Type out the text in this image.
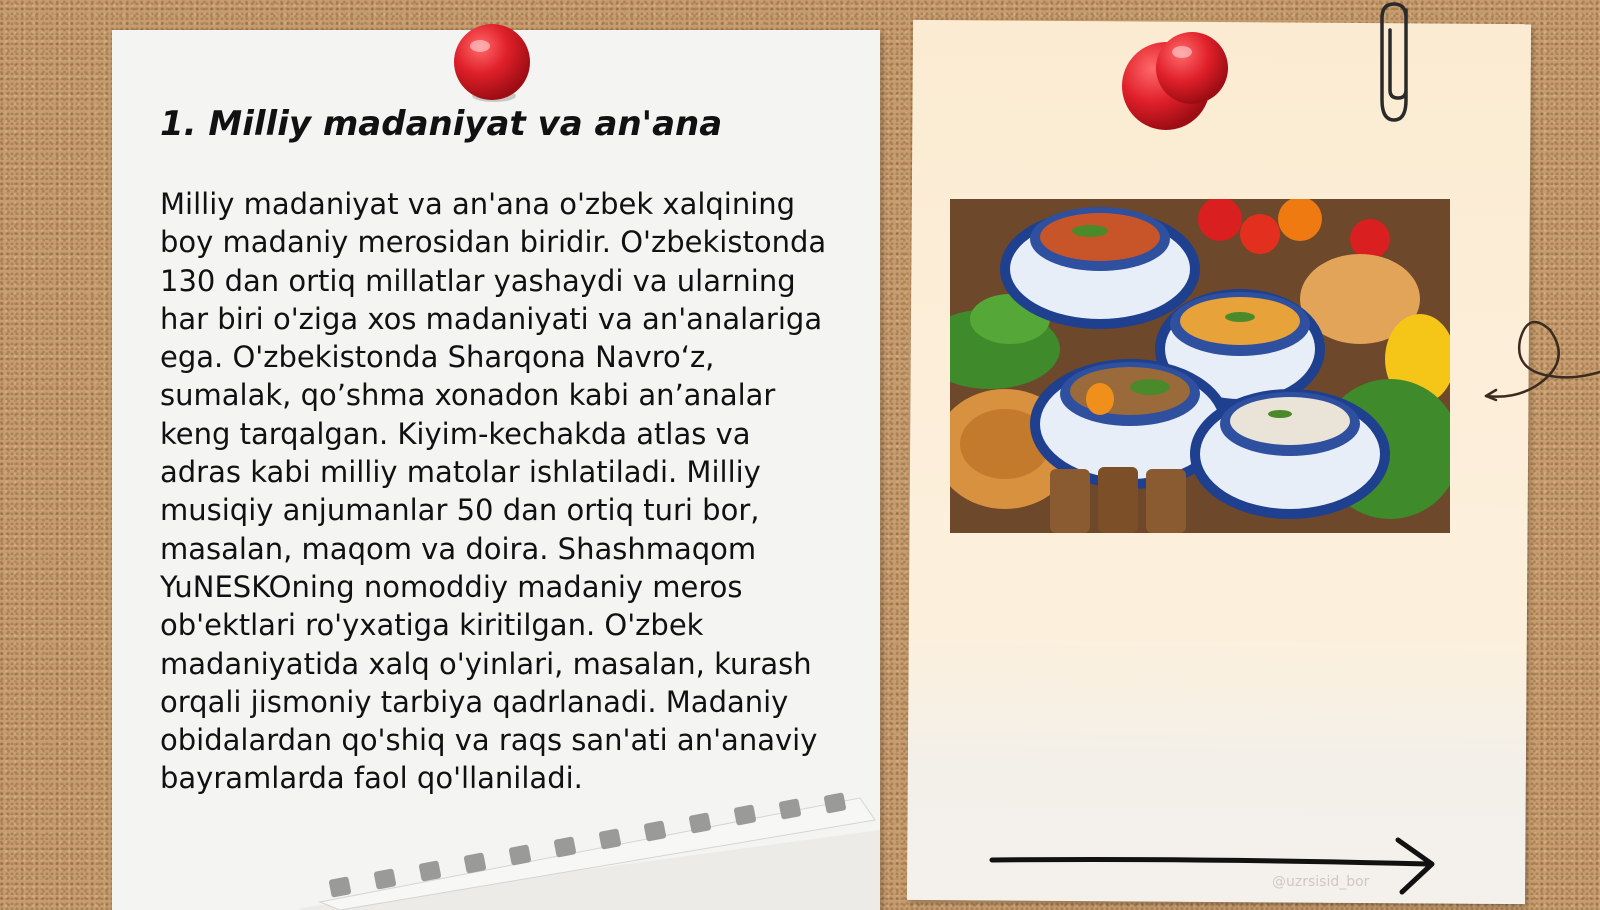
1. Milliy madaniyat va an'ana

Milliy madaniyat va an'ana o'zbek xalqining boy madaniy merosidan biridir. O'zbekistonda 130 dan ortiq millatlar yashaydi va ularning har biri o'ziga xos madaniyati va an'analariga ega. O'zbekistonda Sharqona Navro‘z, sumalak, qo’shma xonadon kabi an’analar keng tarqalgan. Kiyim-kechakda atlas va adras kabi milliy matolar ishlatiladi. Milliy musiqiy anjumanlar 50 dan ortiq turi bor, masalan, maqom va doira. Shashmaqom YuNESKOning nomoddiy madaniy meros ob'ektlari ro'yxatiga kiritilgan. O'zbek madaniyatida xalq o'yinlari, masalan, kurash orqali jismoniy tarbiya qadrlanadi. Madaniy obidalardan qo'shiq va raqs san'ati an'anaviy bayramlarda faol qo'llaniladi.

@uzrsisid_bor
